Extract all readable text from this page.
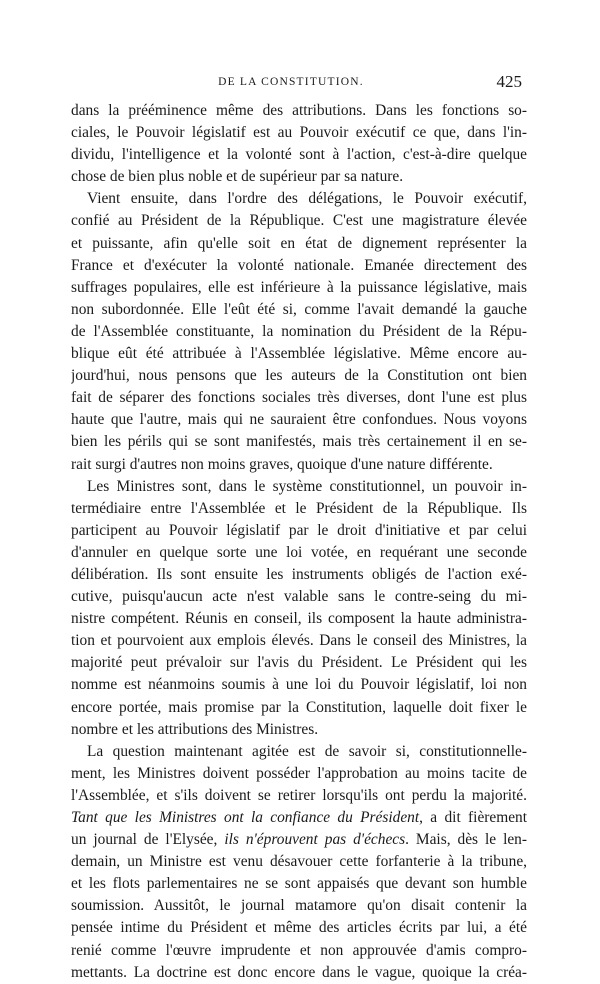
DE LA CONSTITUTION.	425
dans la prééminence même des attributions. Dans les fonctions so-
ciales, le Pouvoir législatif est au Pouvoir exécutif ce que, dans l'in-
dividu, l'intelligence et la volonté sont à l'action, c'est-à-dire quelque
chose de bien plus noble et de supérieur par sa nature.
Vient ensuite, dans l'ordre des délégations, le Pouvoir exécutif,
confié au Président de la République. C'est une magistrature élevée
et puissante, afin qu'elle soit en état de dignement représenter la
France et d'exécuter la volonté nationale. Emanée directement des
suffrages populaires, elle est inférieure à la puissance législative, mais
non subordonnée. Elle l'eût été si, comme l'avait demandé la gauche
de l'Assemblée constituante, la nomination du Président de la Répu-
blique eût été attribuée à l'Assemblée législative. Même encore au-
jourd'hui, nous pensons que les auteurs de la Constitution ont bien
fait de séparer des fonctions sociales très diverses, dont l'une est plus
haute que l'autre, mais qui ne sauraient être confondues. Nous voyons
bien les périls qui se sont manifestés, mais très certainement il en se-
rait surgi d'autres non moins graves, quoique d'une nature différente.
Les Ministres sont, dans le système constitutionnel, un pouvoir in-
termédiaire entre l'Assemblée et le Président de la République. Ils
participent au Pouvoir législatif par le droit d'initiative et par celui
d'annuler en quelque sorte une loi votée, en requérant une seconde
délibération. Ils sont ensuite les instruments obligés de l'action exé-
cutive, puisqu'aucun acte n'est valable sans le contre-seing du mi-
nistre compétent. Réunis en conseil, ils composent la haute administra-
tion et pourvoient aux emplois élevés. Dans le conseil des Ministres, la
majorité peut prévaloir sur l'avis du Président. Le Président qui les
nomme est néanmoins soumis à une loi du Pouvoir législatif, loi non
encore portée, mais promise par la Constitution, laquelle doit fixer le
nombre et les attributions des Ministres.
La question maintenant agitée est de savoir si, constitutionnelle-
ment, les Ministres doivent posséder l'approbation au moins tacite de
l'Assemblée, et s'ils doivent se retirer lorsqu'ils ont perdu la majorité.
Tant que les Ministres ont la confiance du Président, a dit fièrement
un journal de l'Elysée, ils n'éprouvent pas d'échecs. Mais, dès le len-
demain, un Ministre est venu désavouer cette forfanterie à la tribune,
et les flots parlementaires ne se sont appaisés que devant son humble
soumission. Aussitôt, le journal matamore qu'on disait contenir la
pensée intime du Président et même des articles écrits par lui, a été
renié comme l'œuvre imprudente et non approuvée d'amis compro-
mettants. La doctrine est donc encore dans le vague, quoique la créa-
